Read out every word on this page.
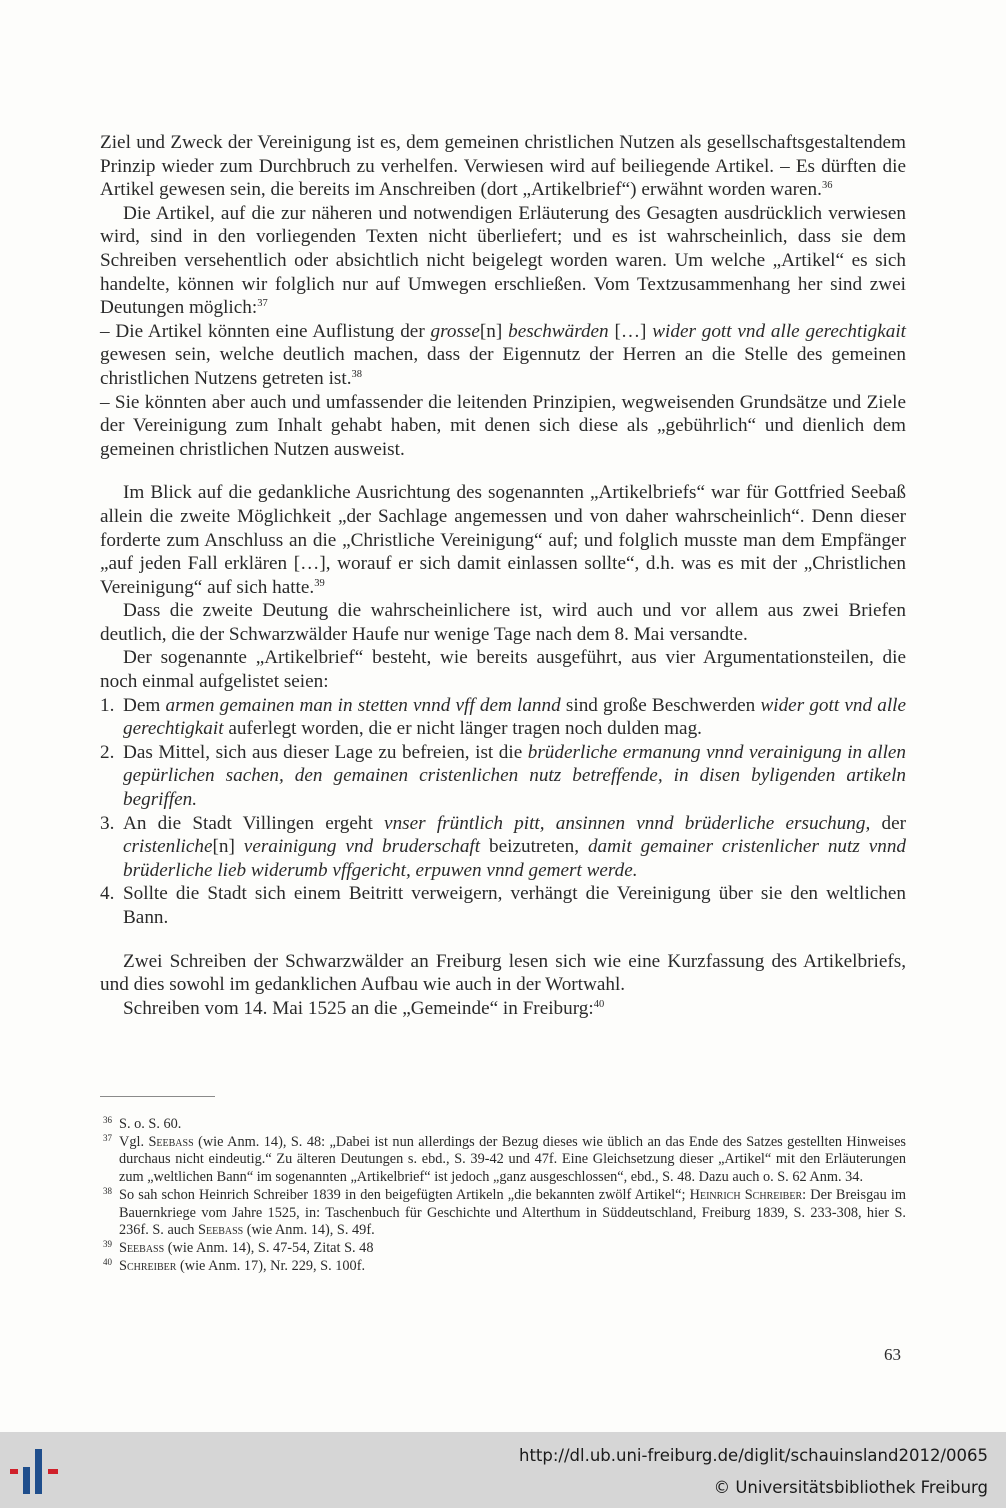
Ziel und Zweck der Vereinigung ist es, dem gemeinen christlichen Nutzen als gesellschaftsgestaltendem Prinzip wieder zum Durchbruch zu verhelfen. Verwiesen wird auf beiliegende Artikel. – Es dürften die Artikel gewesen sein, die bereits im Anschreiben (dort „Artikelbrief“) erwähnt worden waren.$^{36}$

Die Artikel, auf die zur näheren und notwendigen Erläuterung des Gesagten ausdrücklich verwiesen wird, sind in den vorliegenden Texten nicht überliefert; und es ist wahrscheinlich, dass sie dem Schreiben versehentlich oder absichtlich nicht beigelegt worden waren. Um welche „Artikel“ es sich handelte, können wir folglich nur auf Umwegen erschließen. Vom Textzusammenhang her sind zwei Deutungen möglich:$^{37}$

– Die Artikel könnten eine Auflistung der grosse[n] beschwärden […] wider gott vnd alle gerechtigkait gewesen sein, welche deutlich machen, dass der Eigennutz der Herren an die Stelle des gemeinen christlichen Nutzens getreten ist.$^{38}$

– Sie könnten aber auch und umfassender die leitenden Prinzipien, wegweisenden Grundsätze und Ziele der Vereinigung zum Inhalt gehabt haben, mit denen sich diese als „gebührlich“ und dienlich dem gemeinen christlichen Nutzen ausweist.

Im Blick auf die gedankliche Ausrichtung des sogenannten „Artikelbriefs“ war für Gottfried Seebaß allein die zweite Möglichkeit „der Sachlage angemessen und von daher wahrscheinlich“. Denn dieser forderte zum Anschluss an die „Christliche Vereinigung“ auf; und folglich musste man dem Empfänger „auf jeden Fall erklären […], worauf er sich damit einlassen sollte“, d.h. was es mit der „Christlichen Vereinigung“ auf sich hatte.$^{39}$

Dass die zweite Deutung die wahrscheinlichere ist, wird auch und vor allem aus zwei Briefen deutlich, die der Schwarzwälder Haufe nur wenige Tage nach dem 8. Mai versandte.

Der sogenannte „Artikelbrief“ besteht, wie bereits ausgeführt, aus vier Argumentationsteilen, die noch einmal aufgelistet seien:

1. Dem armen gemainen man in stetten vnnd vff dem lannd sind große Beschwerden wider gott vnd alle gerechtigkait auferlegt worden, die er nicht länger tragen noch dulden mag.
2. Das Mittel, sich aus dieser Lage zu befreien, ist die brüderliche ermanung vnnd verainigung in allen gepürlichen sachen, den gemainen cristenlichen nutz betreffende, in disen byligenden artikeln begriffen.
3. An die Stadt Villingen ergeht vnser früntlich pitt, ansinnen vnnd brüderliche ersuchung, der cristenliche[n] verainigung vnd bruderschaft beizutreten, damit gemainer cristenlicher nutz vnnd brüderliche lieb widerumb vffgericht, erpuwen vnnd gemert werde.
4. Sollte die Stadt sich einem Beitritt verweigern, verhängt die Vereinigung über sie den weltlichen Bann.

Zwei Schreiben der Schwarzwälder an Freiburg lesen sich wie eine Kurzfassung des Artikelbriefs, und dies sowohl im gedanklichen Aufbau wie auch in der Wortwahl.

Schreiben vom 14. Mai 1525 an die „Gemeinde“ in Freiburg:$^{40}$

36 S. o. S. 60.
37 Vgl. Seebaß (wie Anm. 14), S. 48: „Dabei ist nun allerdings der Bezug dieses wie üblich an das Ende des Satzes gestellten Hinweises durchaus nicht eindeutig.“ Zu älteren Deutungen s. ebd., S. 39-42 und 47f. Eine Gleichsetzung dieser „Artikel“ mit den Erläuterungen zum „weltlichen Bann“ im sogenannten „Artikelbrief“ ist jedoch „ganz ausgeschlossen“, ebd., S. 48. Dazu auch o. S. 62 Anm. 34.
38 So sah schon Heinrich Schreiber 1839 in den beigefügten Artikeln „die bekannten zwölf Artikel“; Heinrich Schreiber: Der Breisgau im Bauernkriege vom Jahre 1525, in: Taschenbuch für Geschichte und Alterthum in Süddeutschland, Freiburg 1839, S. 233-308, hier S. 236f. S. auch Seebaß (wie Anm. 14), S. 49f.
39 Seebaß (wie Anm. 14), S. 47-54, Zitat S. 48
40 Schreiber (wie Anm. 17), Nr. 229, S. 100f.
63
http://dl.ub.uni-freiburg.de/diglit/schauinsland2012/0065
© Universitätsbibliothek Freiburg
